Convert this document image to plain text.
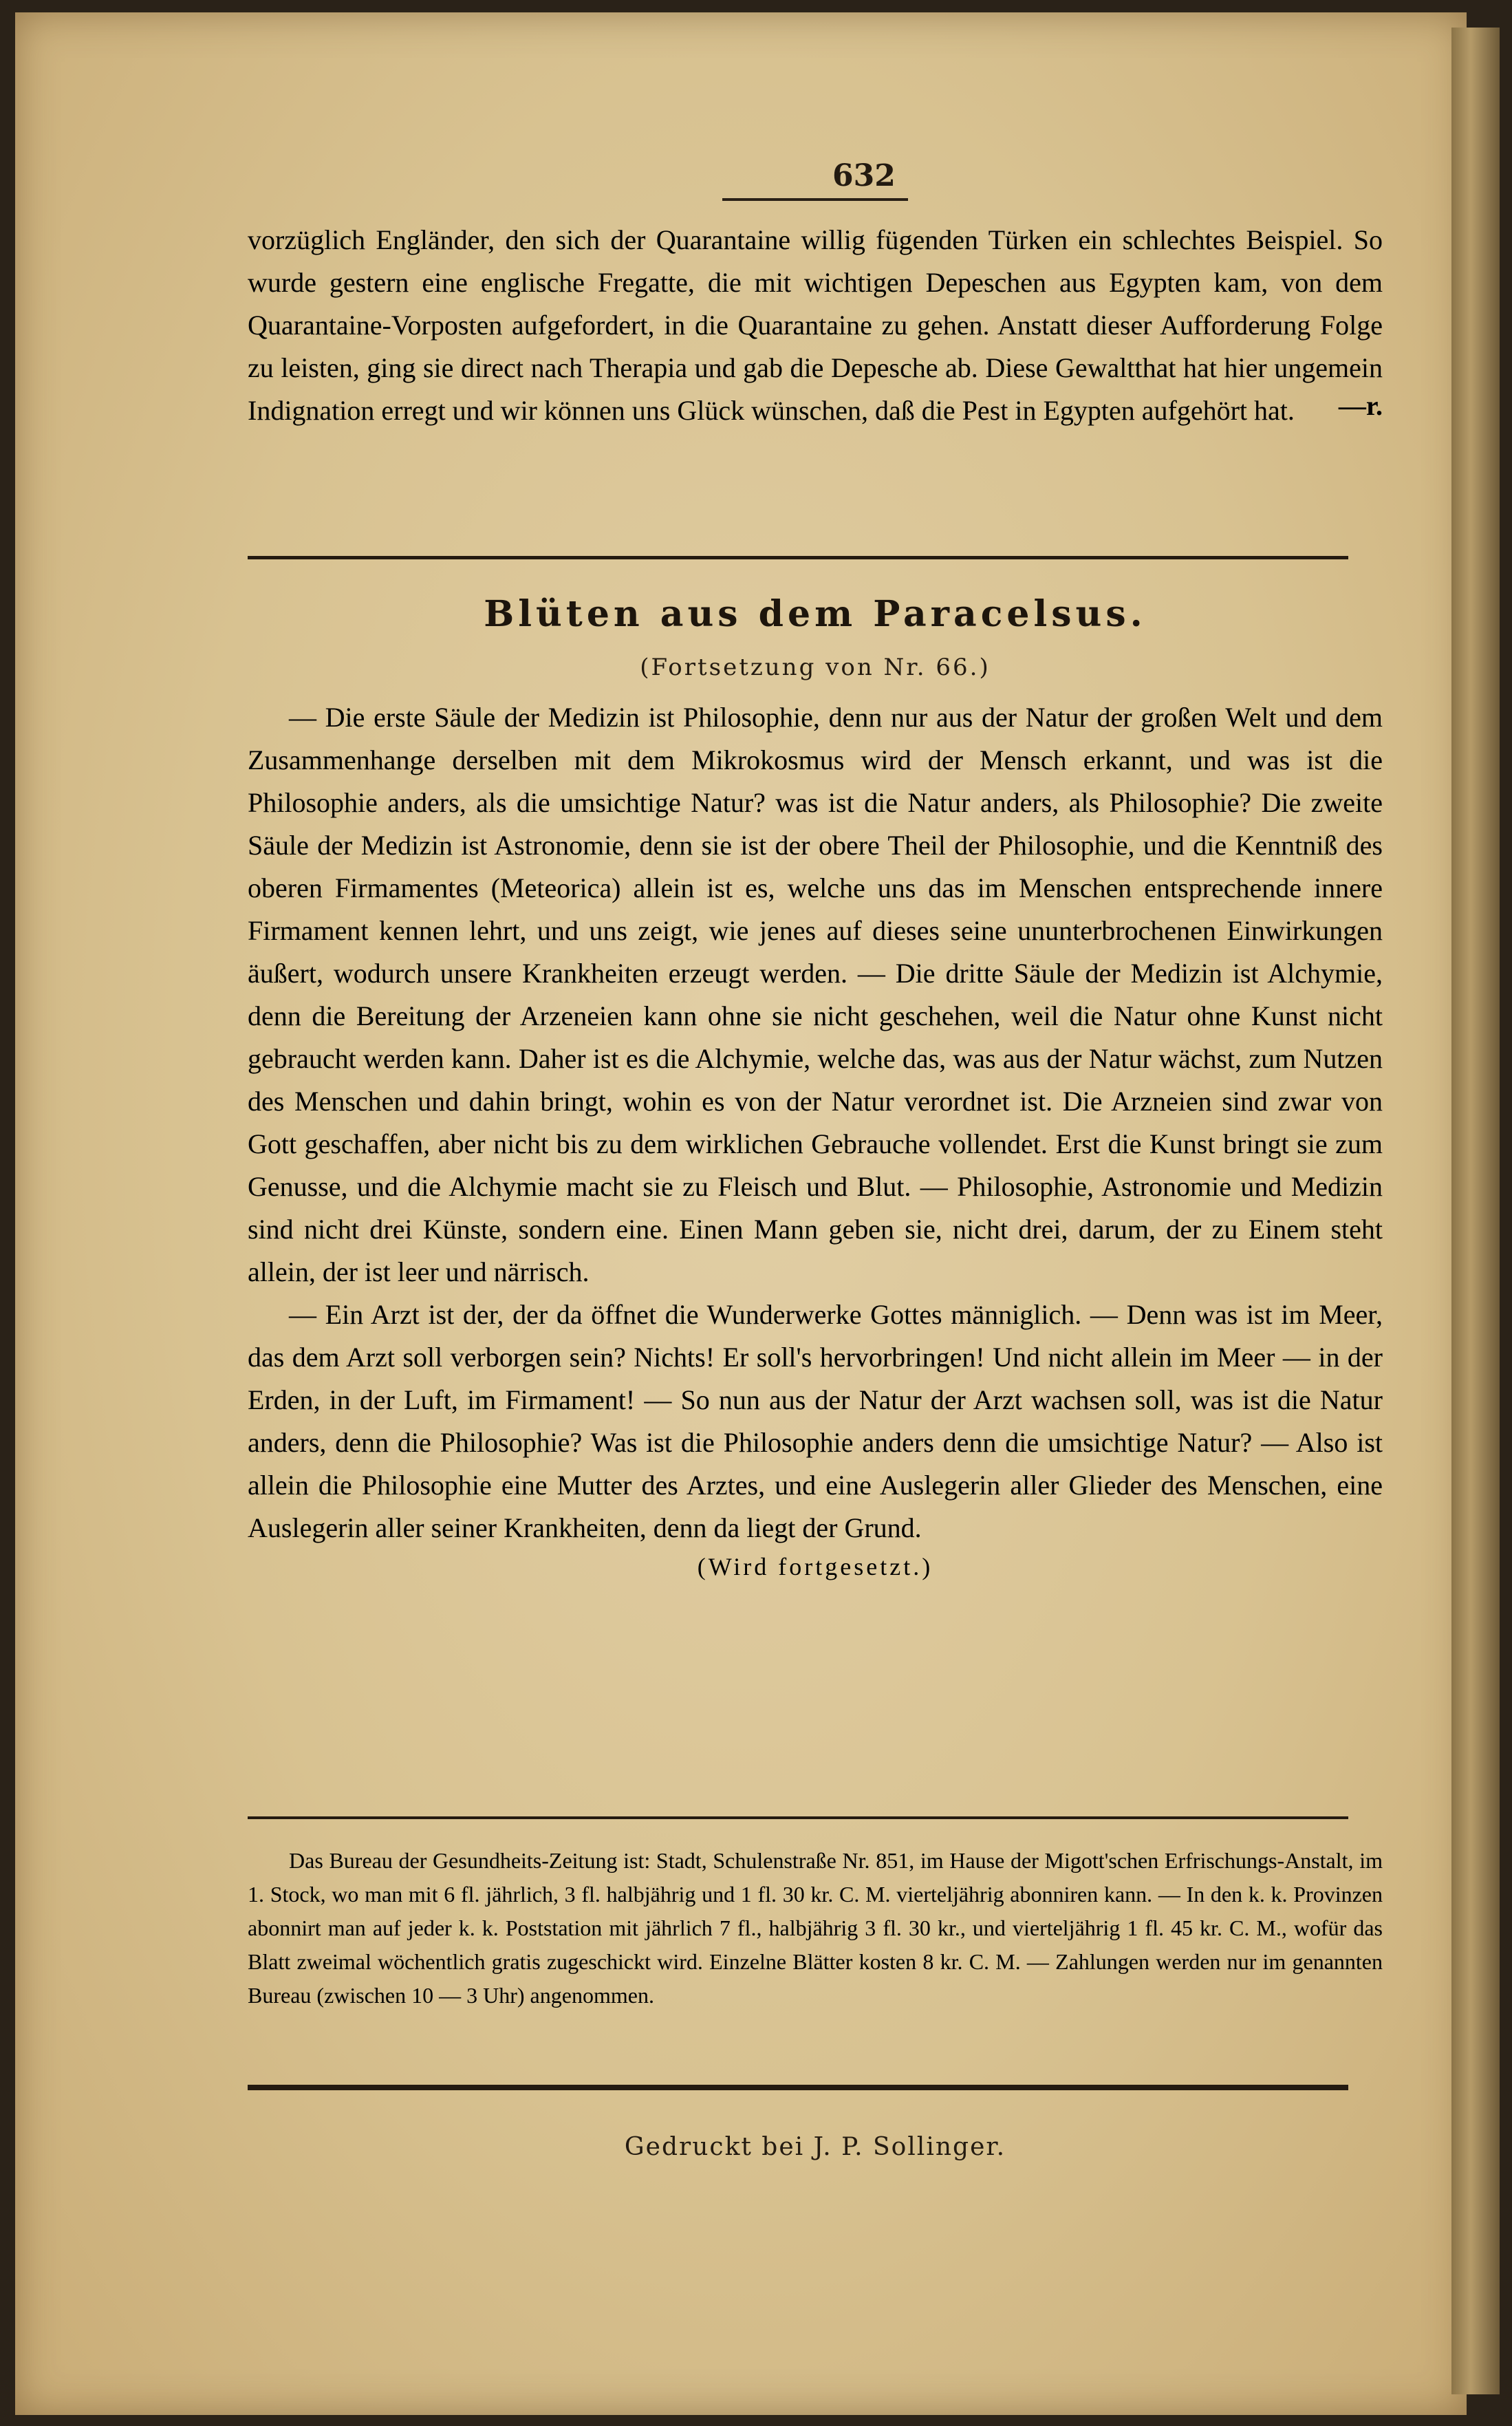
632

vorzüglich Engländer, den sich der Quarantaine willig fügenden Türken ein schlechtes Beispiel. So wurde gestern eine englische Fregatte, die mit wichtigen Depeschen aus Egypten kam, von dem Quarantaine-Vorposten aufgefordert, in die Quarantaine zu gehen. Anstatt dieser Aufforderung Folge zu leisten, ging sie direct nach Therapia und gab die Depesche ab. Diese Gewaltthat hat hier ungemein Indignation erregt und wir können uns Glück wünschen, daß die Pest in Egypten aufgehört hat.	—r.
Blüten aus dem Paracelsus.
(Fortsetzung von Nr. 66.)

— Die erste Säule der Medizin ist Philosophie, denn nur aus der Natur der großen Welt und dem Zusammenhange derselben mit dem Mikrokosmus wird der Mensch erkannt, und was ist die Philosophie anders, als die umsichtige Natur? was ist die Natur anders, als Philosophie? Die zweite Säule der Medizin ist Astronomie, denn sie ist der obere Theil der Philosophie, und die Kenntniß des oberen Firmamentes (Meteorica) allein ist es, welche uns das im Menschen entsprechende innere Firmament kennen lehrt, und uns zeigt, wie jenes auf dieses seine ununterbrochenen Einwirkungen äußert, wodurch unsere Krankheiten erzeugt werden. — Die dritte Säule der Medizin ist Alchymie, denn die Bereitung der Arzeneien kann ohne sie nicht geschehen, weil die Natur ohne Kunst nicht gebraucht werden kann. Daher ist es die Alchymie, welche das, was aus der Natur wächst, zum Nutzen des Menschen und dahin bringt, wohin es von der Natur verordnet ist. Die Arzneien sind zwar von Gott geschaffen, aber nicht bis zu dem wirklichen Gebrauche vollendet. Erst die Kunst bringt sie zum Genusse, und die Alchymie macht sie zu Fleisch und Blut. — Philosophie, Astronomie und Medizin sind nicht drei Künste, sondern eine. Einen Mann geben sie, nicht drei, darum, der zu Einem steht allein, der ist leer und närrisch.

— Ein Arzt ist der, der da öffnet die Wunderwerke Gottes männiglich. — Denn was ist im Meer, das dem Arzt soll verborgen sein? Nichts! Er soll's hervorbringen! Und nicht allein im Meer — in der Erden, in der Luft, im Firmament! — So nun aus der Natur der Arzt wachsen soll, was ist die Natur anders, denn die Philosophie? Was ist die Philosophie anders denn die umsichtige Natur? — Also ist allein die Philosophie eine Mutter des Arztes, und eine Auslegerin aller Glieder des Menschen, eine Auslegerin aller seiner Krankheiten, denn da liegt der Grund.

(Wird fortgesetzt.)

Das Bureau der Gesundheits-Zeitung ist: Stadt, Schulenstraße Nr. 851, im Hause der Migott'schen Erfrischungs-Anstalt, im 1. Stock, wo man mit 6 fl. jährlich, 3 fl. halbjährig und 1 fl. 30 kr. C. M. vierteljährig abonniren kann. — In den k. k. Provinzen abonnirt man auf jeder k. k. Poststation mit jährlich 7 fl., halbjährig 3 fl. 30 kr., und vierteljährig 1 fl. 45 kr. C. M., wofür das Blatt zweimal wöchentlich gratis zugeschickt wird. Einzelne Blätter kosten 8 kr. C. M. — Zahlungen werden nur im genannten Bureau (zwischen 10 — 3 Uhr) angenommen.

Gedruckt bei J. P. Sollinger.
